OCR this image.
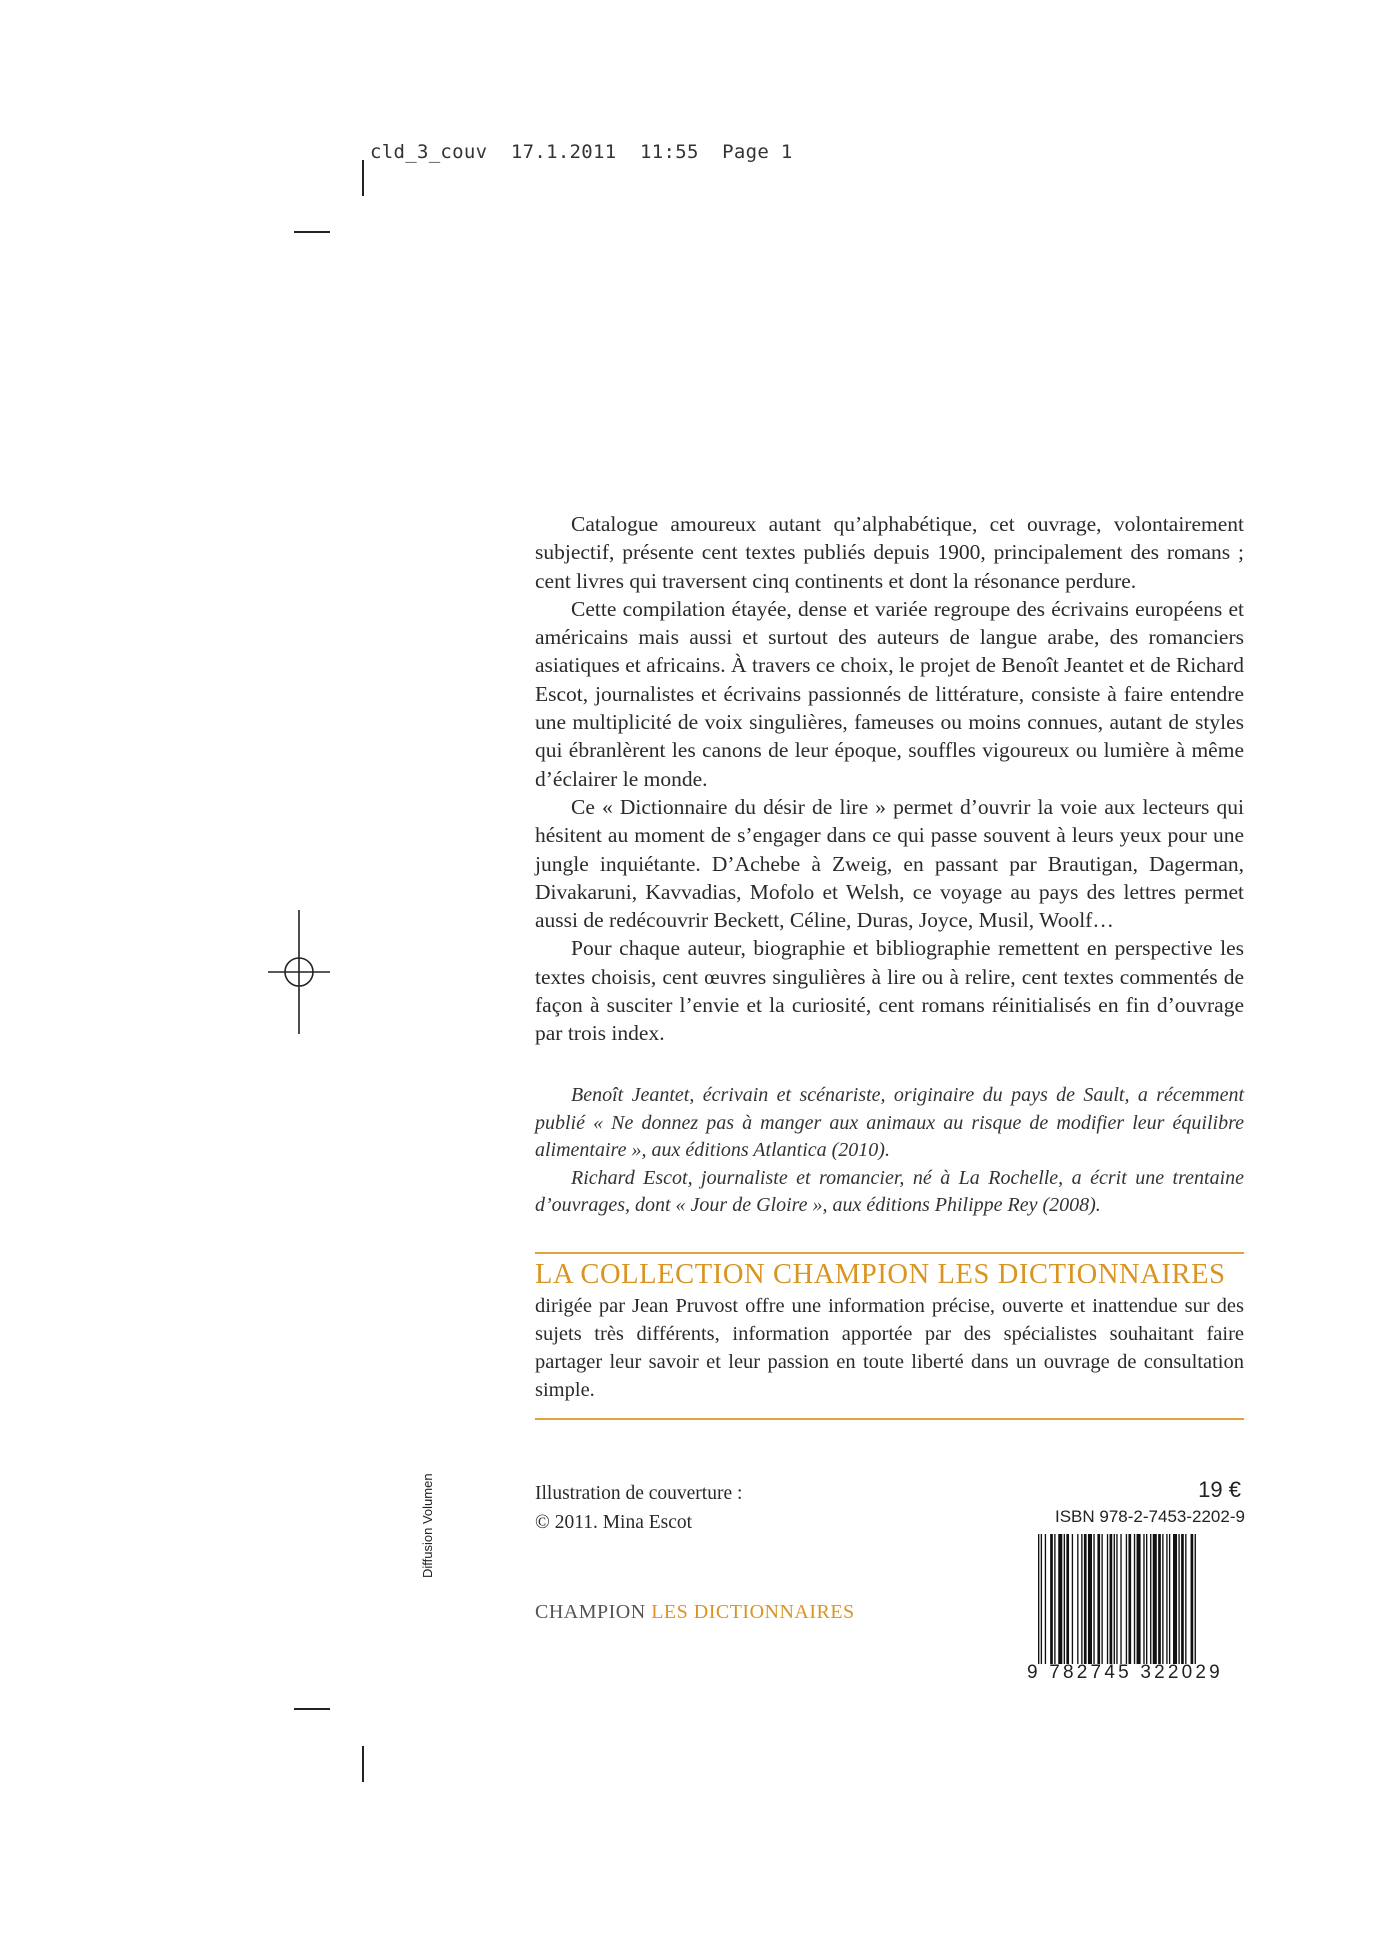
cld_3_couv  17.1.2011  11:55  Page 1

Catalogue amoureux autant qu’alphabétique, cet ouvrage, volontairement subjectif, présente cent textes publiés depuis 1900, principalement des romans ; cent livres qui traversent cinq continents et dont la résonance perdure.

Cette compilation étayée, dense et variée regroupe des écrivains européens et américains mais aussi et surtout des auteurs de langue arabe, des romanciers asiatiques et africains. À travers ce choix, le projet de Benoît Jeantet et de Richard Escot, journalistes et écrivains passionnés de littérature, consiste à faire entendre une multiplicité de voix singulières, fameuses ou moins connues, autant de styles qui ébranlèrent les canons de leur époque, souffles vigoureux ou lumière à même d’éclairer le monde.

Ce « Dictionnaire du désir de lire » permet d’ouvrir la voie aux lecteurs qui hésitent au moment de s’engager dans ce qui passe souvent à leurs yeux pour une jungle inquiétante. D’Achebe à Zweig, en passant par Brautigan, Dagerman, Divakaruni, Kavvadias, Mofolo et Welsh, ce voyage au pays des lettres permet aussi de redécouvrir Beckett, Céline, Duras, Joyce, Musil, Woolf…

Pour chaque auteur, biographie et bibliographie remettent en perspective les textes choisis, cent œuvres singulières à lire ou à relire, cent textes commentés de façon à susciter l’envie et la curiosité, cent romans réinitialisés en fin d’ouvrage par trois index.

Benoît Jeantet, écrivain et scénariste, originaire du pays de Sault, a récemment publié « Ne donnez pas à manger aux animaux au risque de modifier leur équilibre alimentaire », aux éditions Atlantica (2010).

Richard Escot, journaliste et romancier, né à La Rochelle, a écrit une trentaine d’ouvrages, dont « Jour de Gloire », aux éditions Philippe Rey (2008).

LA COLLECTION CHAMPION LES DICTIONNAIRES
dirigée par Jean Pruvost offre une information précise, ouverte et inattendue sur des sujets très différents, information apportée par des spécialistes souhaitant faire partager leur savoir et leur passion en toute liberté dans un ouvrage de consultation simple.
Illustration de couverture :
© 2011. Mina Escot
CHAMPION LES DICTIONNAIRES
Diffusion Volumen	19 €
ISBN 978-2-7453-2202-9
9 782745 322029
